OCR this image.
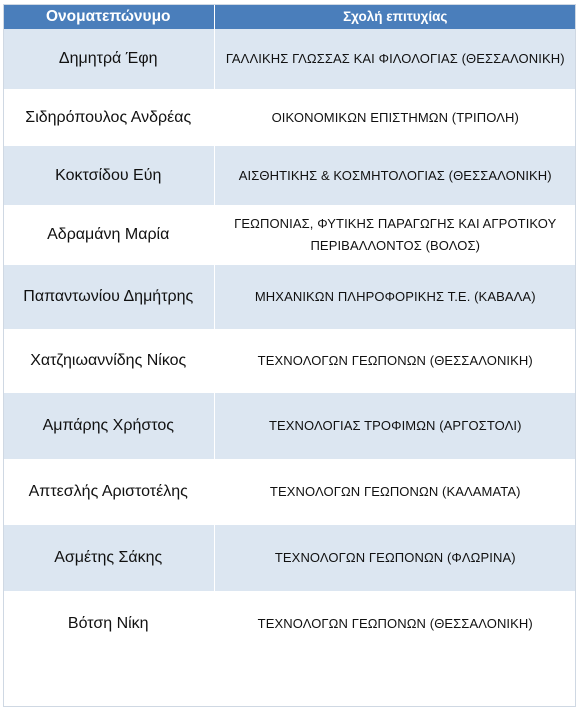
Ονοματεπώνυμο	Σχολή επιτυχίας
Δημητρά Έφη	ΓΑΛΛΙΚΗΣ ΓΛΩΣΣΑΣ ΚΑΙ ΦΙΛΟΛΟΓΙΑΣ (ΘΕΣΣΑΛΟΝΙΚΗ)
Σιδηρόπουλος Ανδρέας	ΟΙΚΟΝΟΜΙΚΩΝ ΕΠΙΣΤΗΜΩΝ (ΤΡΙΠΟΛΗ)
Κοκτσίδου Εύη	ΑΙΣΘΗΤΙΚΗΣ & ΚΟΣΜΗΤΟΛΟΓΙΑΣ (ΘΕΣΣΑΛΟΝΙΚΗ)
Αδραμάνη Μαρία	ΓΕΩΠΟΝΙΑΣ, ΦΥΤΙΚΗΣ ΠΑΡΑΓΩΓΗΣ ΚΑΙ ΑΓΡΟΤΙΚΟΥ ΠΕΡΙΒΑΛΛΟΝΤΟΣ (ΒΟΛΟΣ)
Παπαντωνίου Δημήτρης	ΜΗΧΑΝΙΚΩΝ ΠΛΗΡΟΦΟΡΙΚΗΣ Τ.Ε. (ΚΑΒΑΛΑ)
Χατζηιωαννίδης Νίκος	ΤΕΧΝΟΛΟΓΩΝ ΓΕΩΠΟΝΩΝ (ΘΕΣΣΑΛΟΝΙΚΗ)
Αμπάρης Χρήστος	ΤΕΧΝΟΛΟΓΙΑΣ ΤΡΟΦΙΜΩΝ (ΑΡΓΟΣΤΟΛΙ)
Απτεσλής Αριστοτέλης	ΤΕΧΝΟΛΟΓΩΝ ΓΕΩΠΟΝΩΝ (ΚΑΛΑΜΑΤΑ)
Ασμέτης Σάκης	ΤΕΧΝΟΛΟΓΩΝ ΓΕΩΠΟΝΩΝ (ΦΛΩΡΙΝΑ)
Βότση Νίκη	ΤΕΧΝΟΛΟΓΩΝ ΓΕΩΠΟΝΩΝ (ΘΕΣΣΑΛΟΝΙΚΗ)
